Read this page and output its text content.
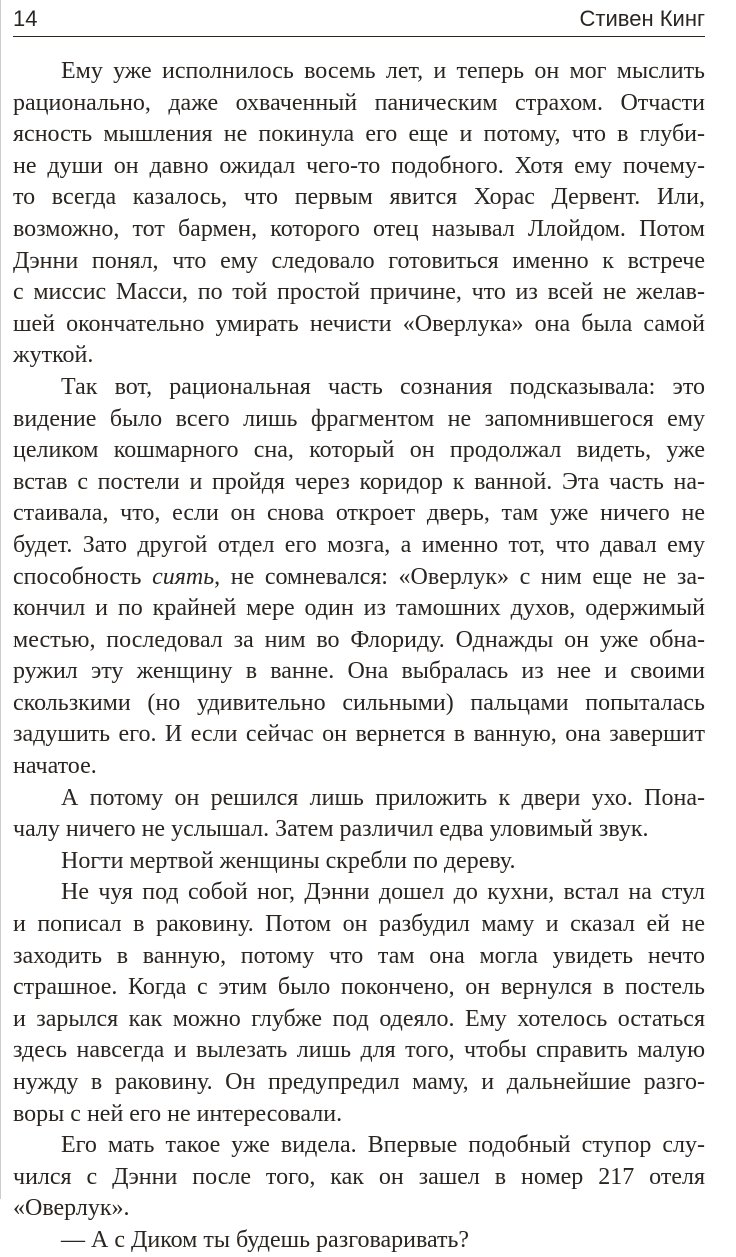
14	Стивен Кинг
Ему уже исполнилось восемь лет, и теперь он мог мыслить
рационально, даже охваченный паническим страхом. Отчасти
ясность мышления не покинула его еще и потому, что в глуби-
не души он давно ожидал чего-то подобного. Хотя ему почему-
то всегда казалось, что первым явится Хорас Дервент. Или,
возможно, тот бармен, которого отец называл Ллойдом. Потом
Дэнни понял, что ему следовало готовиться именно к встрече
с миссис Масси, по той простой причине, что из всей не желав-
шей окончательно умирать нечисти «Оверлука» она была самой
жуткой.
Так вот, рациональная часть сознания подсказывала: это
видение было всего лишь фрагментом не запомнившегося ему
целиком кошмарного сна, который он продолжал видеть, уже
встав с постели и пройдя через коридор к ванной. Эта часть на-
стаивала, что, если он снова откроет дверь, там уже ничего не
будет. Зато другой отдел его мозга, а именно тот, что давал ему
способность сиять, не сомневался: «Оверлук» с ним еще не за-
кончил и по крайней мере один из тамошних духов, одержимый
местью, последовал за ним во Флориду. Однажды он уже обна-
ружил эту женщину в ванне. Она выбралась из нее и своими
скользкими (но удивительно сильными) пальцами попыталась
задушить его. И если сейчас он вернется в ванную, она завершит
начатое.
А потому он решился лишь приложить к двери ухо. Пона-
чалу ничего не услышал. Затем различил едва уловимый звук.
Ногти мертвой женщины скребли по дереву.
Не чуя под собой ног, Дэнни дошел до кухни, встал на стул
и пописал в раковину. Потом он разбудил маму и сказал ей не
заходить в ванную, потому что там она могла увидеть нечто
страшное. Когда с этим было покончено, он вернулся в постель
и зарылся как можно глубже под одеяло. Ему хотелось остаться
здесь навсегда и вылезать лишь для того, чтобы справить малую
нужду в раковину. Он предупредил маму, и дальнейшие разго-
воры с ней его не интересовали.
Его мать такое уже видела. Впервые подобный ступор слу-
чился с Дэнни после того, как он зашел в номер 217 отеля
«Оверлук».
— А с Диком ты будешь разговаривать?
